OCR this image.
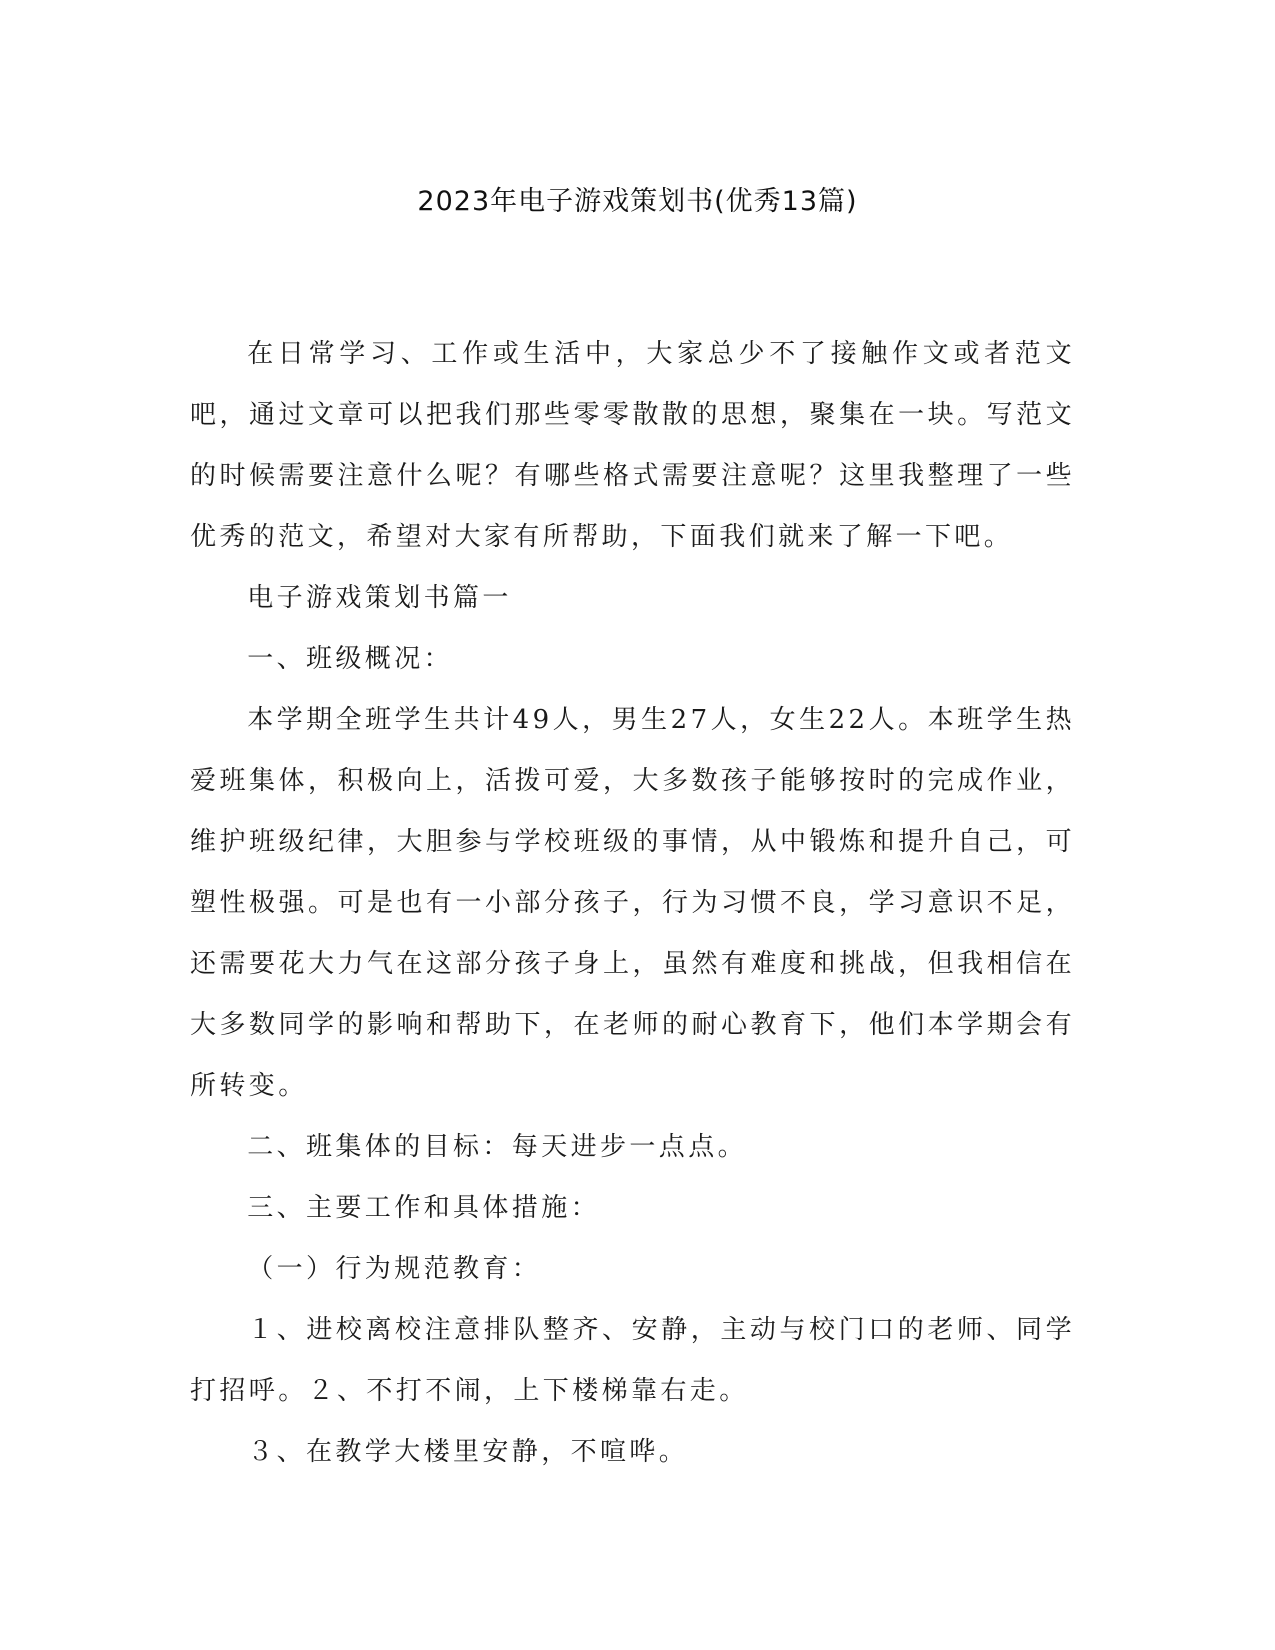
2023年电子游戏策划书(优秀13篇)

在日常学习、工作或生活中，大家总少不了接触作文或者范文吧，通过文章可以把我们那些零零散散的思想，聚集在一块。写范文的时候需要注意什么呢？有哪些格式需要注意呢？这里我整理了一些优秀的范文，希望对大家有所帮助，下面我们就来了解一下吧。

电子游戏策划书篇一

一、班级概况：

本学期全班学生共计49人，男生27人，女生22人。本班学生热爱班集体，积极向上，活拨可爱，大多数孩子能够按时的完成作业，维护班级纪律，大胆参与学校班级的事情，从中锻炼和提升自己，可塑性极强。可是也有一小部分孩子，行为习惯不良，学习意识不足，还需要花大力气在这部分孩子身上，虽然有难度和挑战，但我相信在大多数同学的影响和帮助下，在老师的耐心教育下，他们本学期会有所转变。

二、班集体的目标：每天进步一点点。

三、主要工作和具体措施：

（一）行为规范教育：

１、进校离校注意排队整齐、安静，主动与校门口的老师、同学打招呼。２、不打不闹，上下楼梯靠右走。

３、在教学大楼里安静，不喧哗。
